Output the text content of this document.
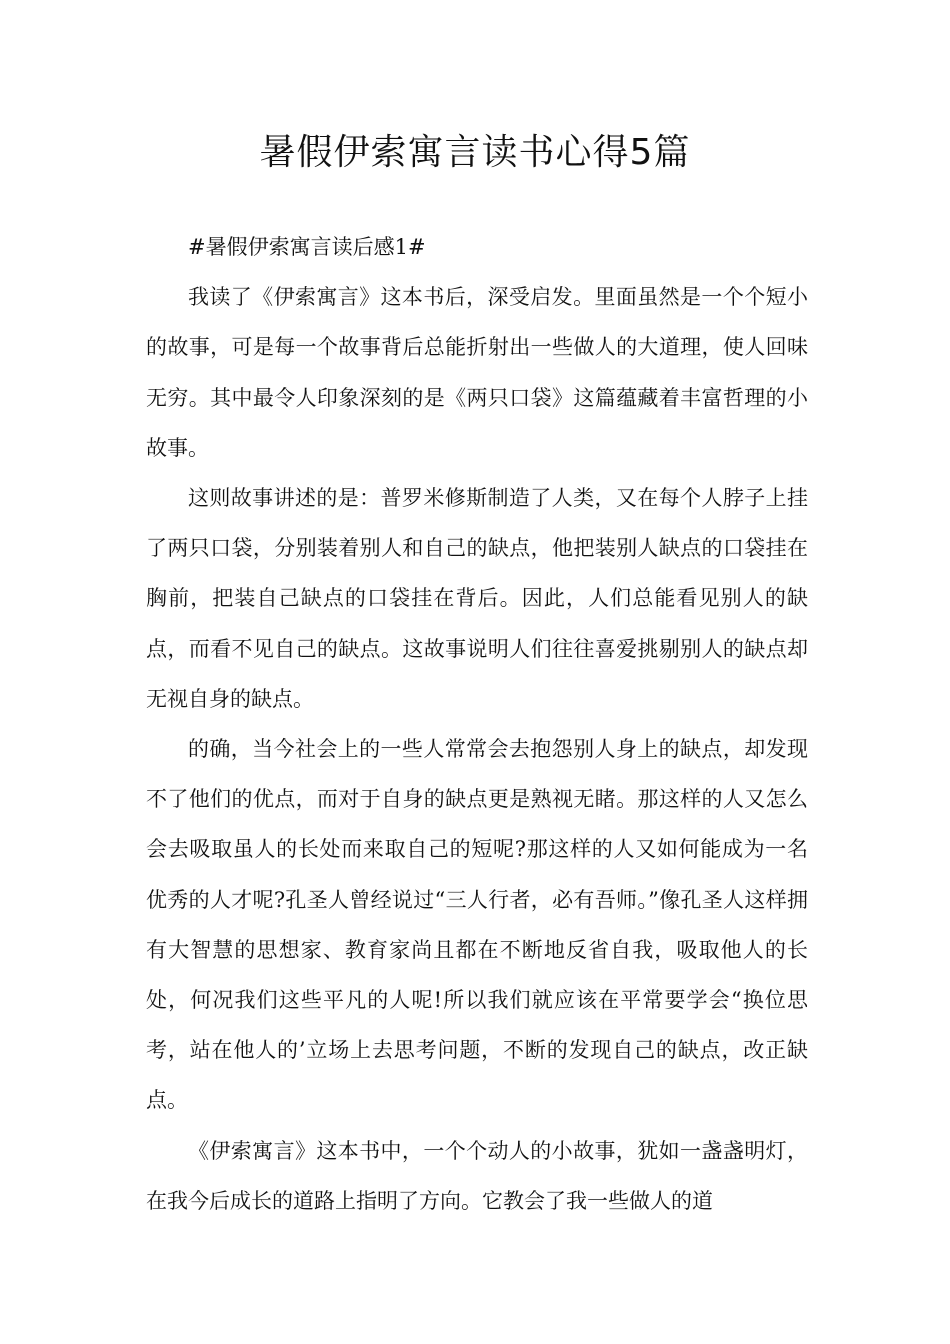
暑假伊索寓言读书心得5篇

#暑假伊索寓言读后感1#

我读了《伊索寓言》这本书后，深受启发。里面虽然是一个个短小的故事，可是每一个故事背后总能折射出一些做人的大道理，使人回味无穷。其中最令人印象深刻的是《两只口袋》这篇蕴藏着丰富哲理的小故事。

这则故事讲述的是：普罗米修斯制造了人类，又在每个人脖子上挂了两只口袋，分别装着别人和自己的缺点，他把装别人缺点的口袋挂在胸前，把装自己缺点的口袋挂在背后。因此，人们总能看见别人的缺点，而看不见自己的缺点。这故事说明人们往往喜爱挑剔别人的缺点却无视自身的缺点。

的确，当今社会上的一些人常常会去抱怨别人身上的缺点，却发现不了他们的优点，而对于自身的缺点更是熟视无睹。那这样的人又怎么会去吸取虽人的长处而来取自己的短呢?那这样的人又如何能成为一名优秀的人才呢?孔圣人曾经说过“三人行者，必有吾师。”像孔圣人这样拥有大智慧的思想家、教育家尚且都在不断地反省自我，吸取他人的长处，何况我们这些平凡的人呢!所以我们就应该在平常要学会“换位思考，站在他人的’立场上去思考问题，不断的发现自己的缺点，改正缺点。

《伊索寓言》这本书中，一个个动人的小故事，犹如一盏盏明灯，在我今后成长的道路上指明了方向。它教会了我一些做人的道
